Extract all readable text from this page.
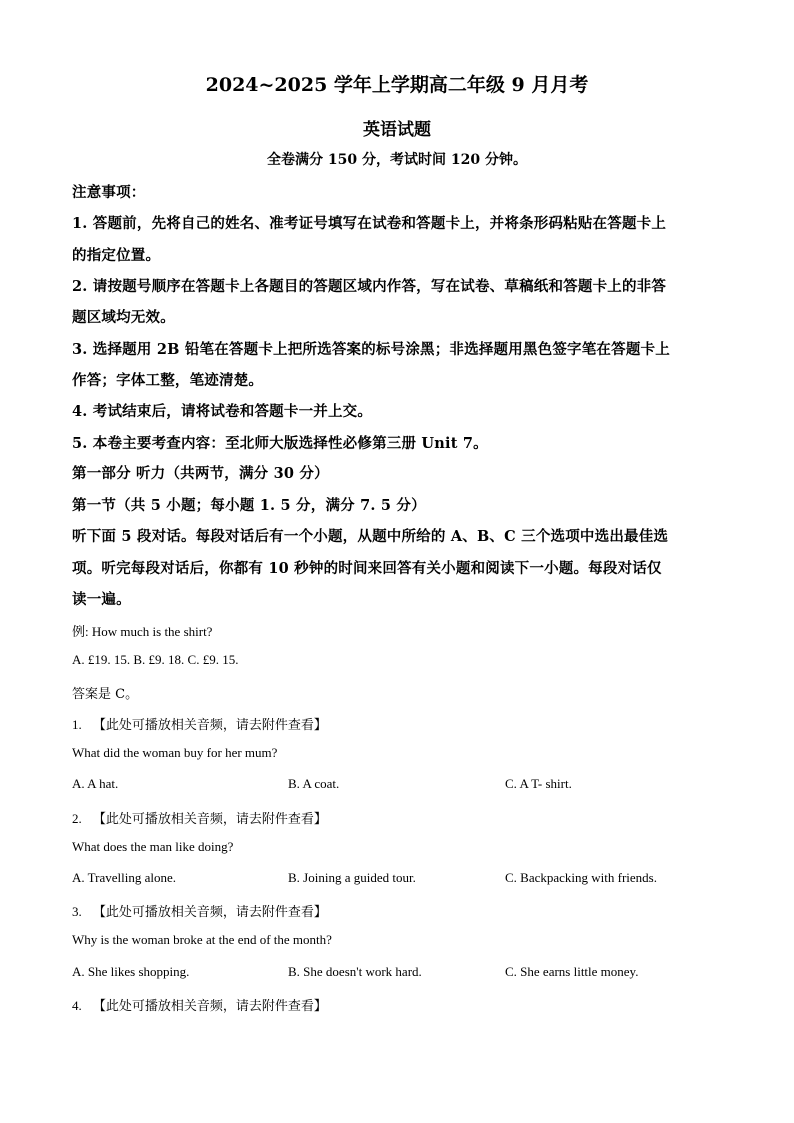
2024~2025 学年上学期高二年级 9 月月考
英语试题
全卷满分 150 分，考试时间 120 分钟。
注意事项：
1. 答题前，先将自己的姓名、准考证号填写在试卷和答题卡上，并将条形码粘贴在答题卡上
的指定位置。
2. 请按题号顺序在答题卡上各题目的答题区域内作答，写在试卷、草稿纸和答题卡上的非答
题区域均无效。
3. 选择题用 2B 铅笔在答题卡上把所选答案的标号涂黑；非选择题用黑色签字笔在答题卡上
作答；字体工整，笔迹清楚。
4. 考试结束后，请将试卷和答题卡一并上交。
5. 本卷主要考查内容：至北师大版选择性必修第三册 Unit 7。
第一部分 听力（共两节，满分 30 分）
第一节（共 5 小题；每小题 1. 5 分，满分 7. 5 分）
听下面 5 段对话。每段对话后有一个小题，从题中所给的 A、B、C 三个选项中选出最佳选
项。听完每段对话后，你都有 10 秒钟的时间来回答有关小题和阅读下一小题。每段对话仅
读一遍。
例: How much is the shirt?
A. £19. 15. B. £9. 18. C. £9. 15.
答案是 C。
1. 【此处可播放相关音频，请去附件查看】
What did the woman buy for her mum?
A. A hat.	B. A coat.	C. A T- shirt.
2. 【此处可播放相关音频，请去附件查看】
What does the man like doing?
A. Travelling alone.	B. Joining a guided tour.	C. Backpacking with friends.
3. 【此处可播放相关音频，请去附件查看】
Why is the woman broke at the end of the month?
A. She likes shopping.	B. She doesn't work hard.	C. She earns little money.
4. 【此处可播放相关音频，请去附件查看】
